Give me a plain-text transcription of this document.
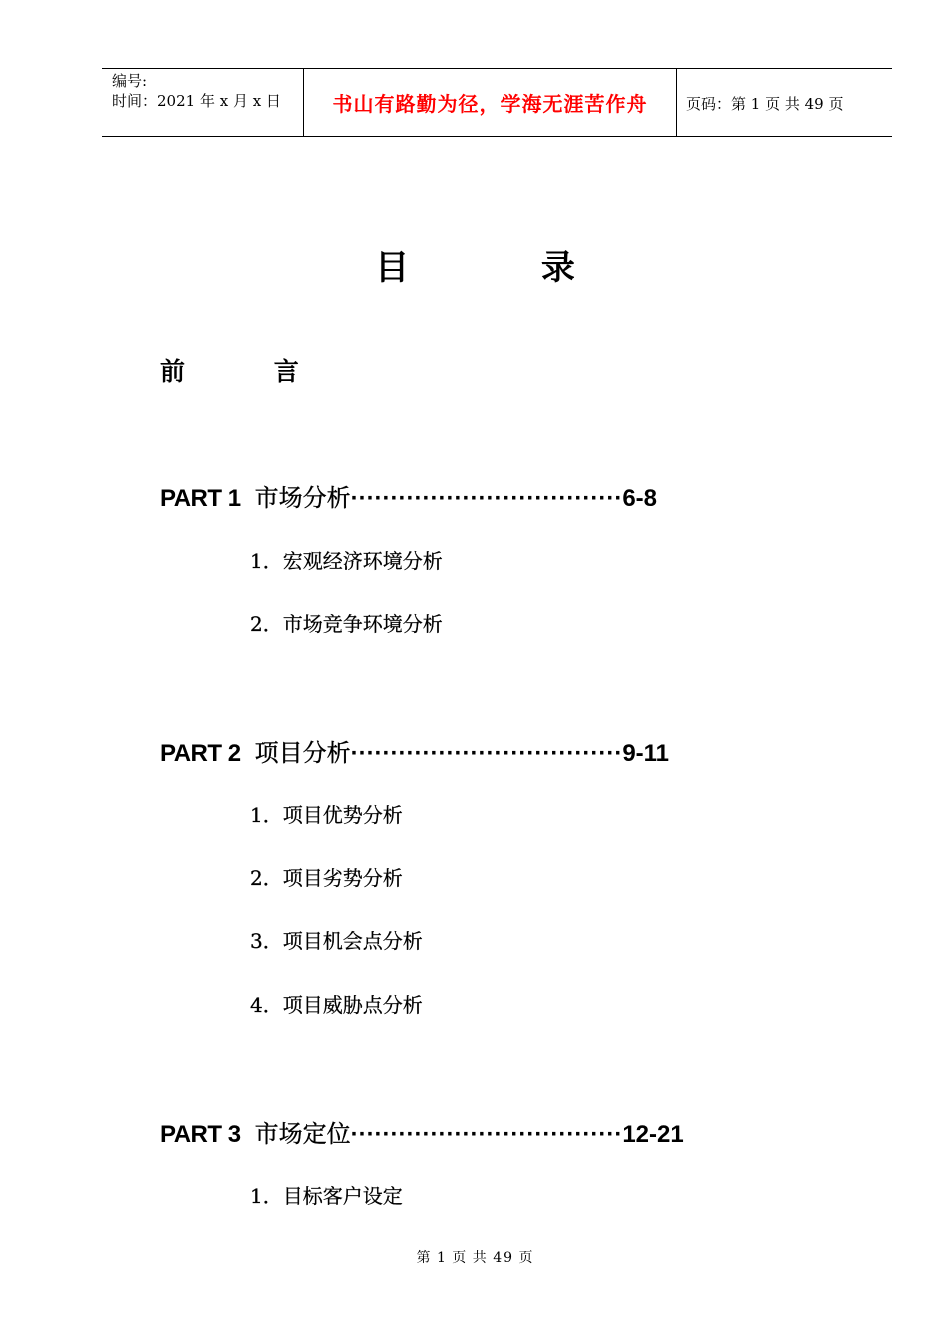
编号:
时间：2021 年 x 月 x 日	书山有路勤为径，学海无涯苦作舟	页码：第 1 页 共 49 页
目 录
前 言
PART 1 市场分析··································6-8
1．宏观经济环境分析
2．市场竞争环境分析
PART 2 项目分析··································9-11
1．项目优势分析
2．项目劣势分析
3．项目机会点分析
4．项目威胁点分析
PART 3 市场定位··································12-21
1．目标客户设定
第 1 页 共 49 页
